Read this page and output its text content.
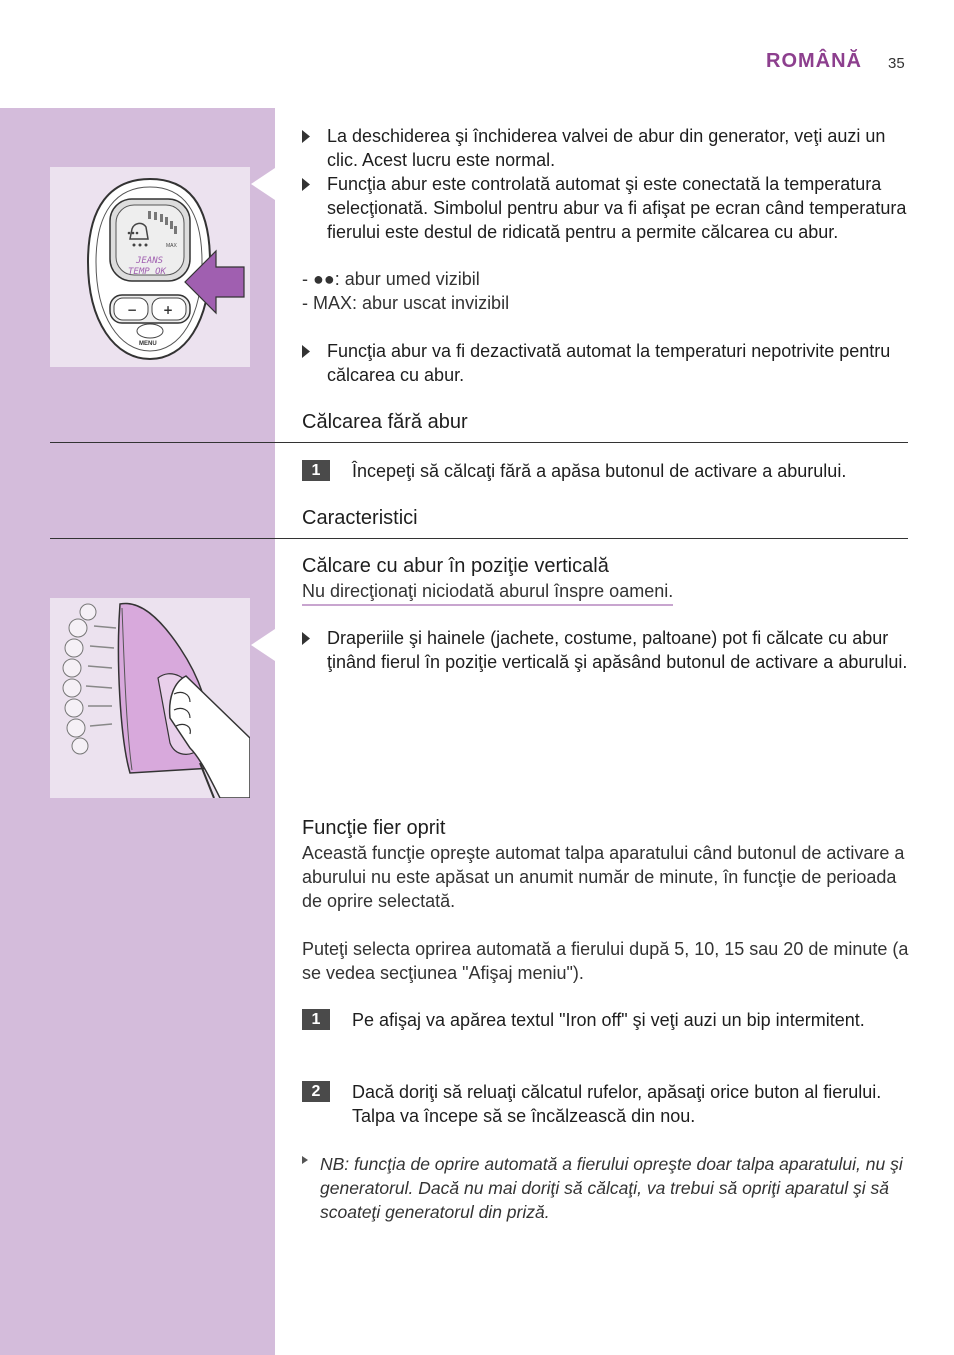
ROMÂNĂ 35
MAX
JEANS
TEMP OK
− +
MENU
La deschiderea şi închiderea valvei de abur din generator, veţi auzi un clic. Acest lucru este normal.
Funcţia abur este controlată automat şi este conectată la temperatura selecţionată. Simbolul pentru abur va fi afişat pe ecran când temperatura fierului este destul de ridicată pentru a permite călcarea cu abur.
- ●●: abur umed vizibil
- MAX: abur uscat invizibil
Funcţia abur va fi dezactivată automat la temperaturi nepotrivite pentru călcarea cu abur.
Călcarea fără abur
1	Începeţi să călcaţi fără a apăsa butonul de activare a aburului.
Caracteristici
Călcare cu abur în poziţie verticală
Nu direcţionaţi niciodată aburul înspre oameni.
Draperiile şi hainele (jachete, costume, paltoane) pot fi călcate cu abur ţinând fierul în poziţie verticală şi apăsând butonul de activare a aburului.
Funcţie fier oprit
Această funcţie opreşte automat talpa aparatului când butonul de activare a aburului nu este apăsat un anumit număr de minute, în funcţie de perioada de oprire selectată.
Puteţi selecta oprirea automată a fierului după 5, 10, 15 sau 20 de minute (a se vedea secţiunea "Afişaj meniu").
1	Pe afişaj va apărea textul "Iron off" şi veţi auzi un bip intermitent.
2	Dacă doriţi să reluaţi călcatul rufelor, apăsaţi orice buton al fierului. Talpa va începe să se încălzească din nou.
NB: funcţia de oprire automată a fierului opreşte doar talpa aparatului, nu şi generatorul. Dacă nu mai doriţi să călcaţi, va trebui să opriţi aparatul şi să scoateţi generatorul din priză.
